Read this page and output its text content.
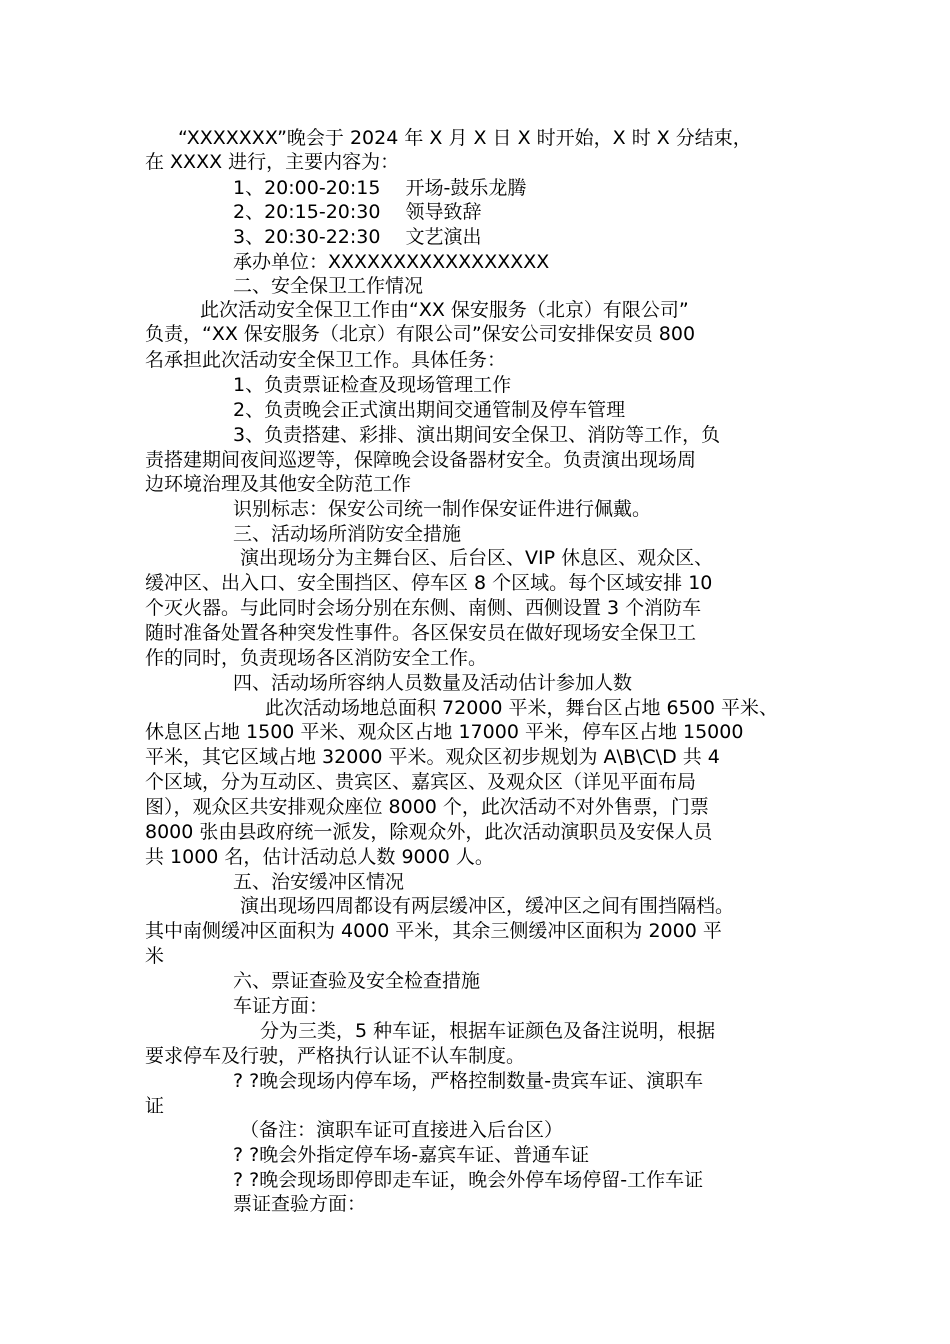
“XXXXXXX”晚会于 2024 年 X 月 X 日 X 时开始，X 时 X 分结束，
在 XXXX 进行，主要内容为：
1、20:00-20:15　 开场-鼓乐龙腾
2、20:15-20:30　 领导致辞
3、20:30-22:30　 文艺演出
承办单位：XXXXXXXXXXXXXXXXX
二、安全保卫工作情况
此次活动安全保卫工作由“XX 保安服务（北京）有限公司”
负责，“XX 保安服务（北京）有限公司”保安公司安排保安员 800
名承担此次活动安全保卫工作。具体任务：
1、负责票证检查及现场管理工作
2、负责晚会正式演出期间交通管制及停车管理
3、负责搭建、彩排、演出期间安全保卫、消防等工作，负
责搭建期间夜间巡逻等，保障晚会设备器材安全。负责演出现场周
边环境治理及其他安全防范工作
识别标志：保安公司统一制作保安证件进行佩戴。
三、活动场所消防安全措施
演出现场分为主舞台区、后台区、VIP 休息区、观众区、
缓冲区、出入口、安全围挡区、停车区 8 个区域。每个区域安排 10
个灭火器。与此同时会场分别在东侧、南侧、西侧设置 3 个消防车
随时准备处置各种突发性事件。各区保安员在做好现场安全保卫工
作的同时，负责现场各区消防安全工作。
四、活动场所容纳人员数量及活动估计参加人数
此次活动场地总面积 72000 平米，舞台区占地 6500 平米、
休息区占地 1500 平米、观众区占地 17000 平米，停车区占地 15000
平米，其它区域占地 32000 平米。观众区初步规划为 A\B\C\D 共 4
个区域，分为互动区、贵宾区、嘉宾区、及观众区（详见平面布局
图），观众区共安排观众座位 8000 个，此次活动不对外售票，门票
8000 张由县政府统一派发，除观众外，此次活动演职员及安保人员
共 1000 名，估计活动总人数 9000 人。
五、治安缓冲区情况
演出现场四周都设有两层缓冲区，缓冲区之间有围挡隔档。
其中南侧缓冲区面积为 4000 平米，其余三侧缓冲区面积为 2000 平
米
六、票证查验及安全检查措施
车证方面：
分为三类，5 种车证，根据车证颜色及备注说明，根据
要求停车及行驶，严格执行认证不认车制度。
? ?晚会现场内停车场，严格控制数量-贵宾车证、演职车
证
（备注：演职车证可直接进入后台区）
? ?晚会外指定停车场-嘉宾车证、普通车证
? ?晚会现场即停即走车证，晚会外停车场停留-工作车证
票证查验方面：
